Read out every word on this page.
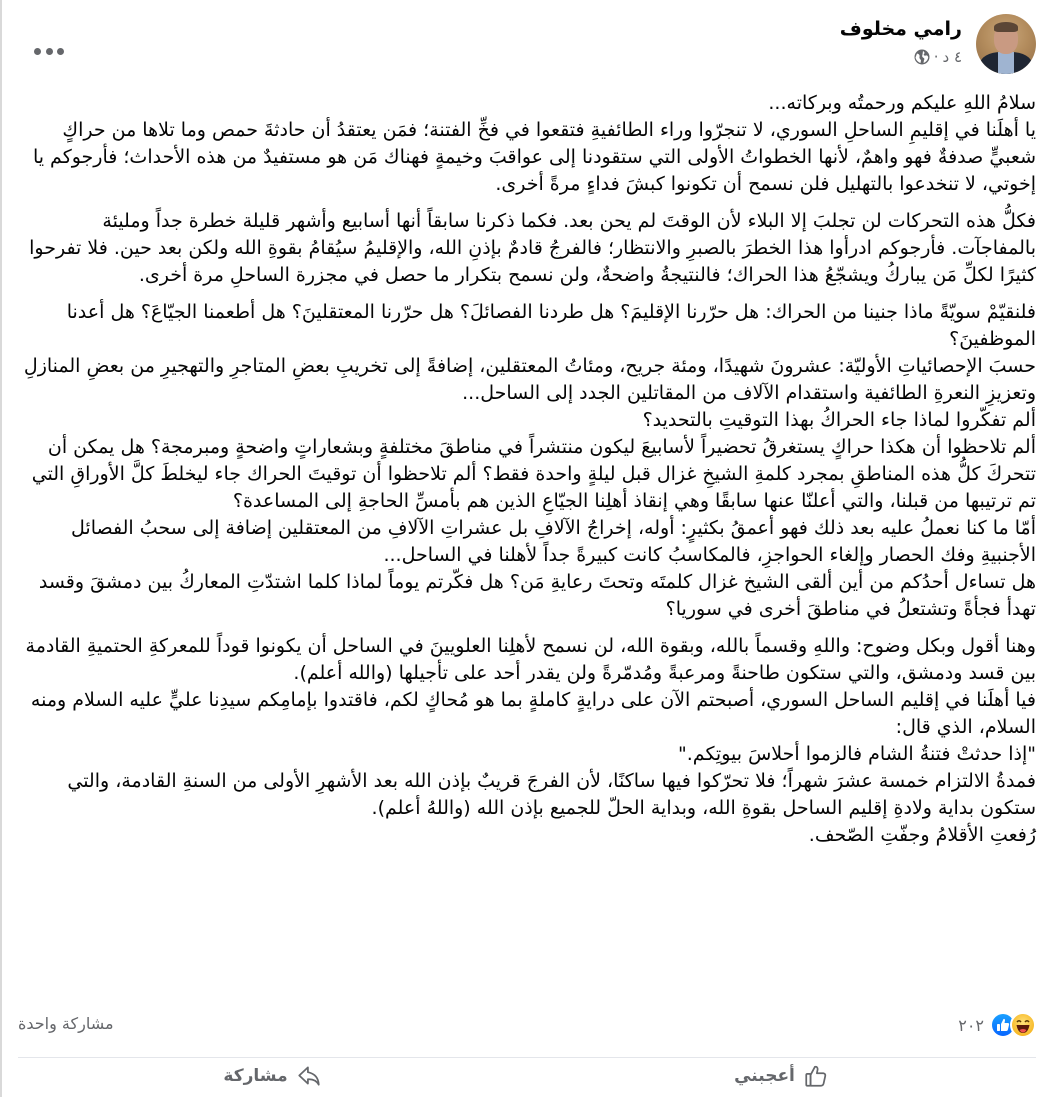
رامي مخلوف
٤ د
·

سلامُ اللهِ عليكم ورحمتُه وبركاته...

يا أهلَنا في إقليمِ الساحلِ السوري، لا تنجرّوا وراء الطائفيةِ فتقعوا في فخِّ الفتنة؛ فمَن يعتقدُ أن حادثةَ حمص وما تلاها من حراكٍ شعبيٍّ صدفةٌ فهو واهمٌ، لأنها الخطواتُ الأولى التي ستقودنا إلى عواقبَ وخيمةٍ فهناك مَن هو مستفيدٌ من هذه الأحداث؛ فأرجوكم يا إخوتي، لا تنخدعوا بالتهليل فلن نسمح أن تكونوا كبشَ فداءٍ مرةً أخرى.

فكلُّ هذه التحركات لن تجلبَ إلا البلاء لأن الوقتَ لم يحن بعد. فكما ذكرنا سابقاً أنها أسابيع وأشهر قليلة خطرة جداً ومليئة بالمفاجآت. فأرجوكم ادرأوا هذا الخطرَ بالصبرِ والانتظار؛ فالفرجُ قادمٌ بإذنِ الله، والإقليمُ سيُقامُ بقوةِ الله ولكن بعد حين. فلا تفرحوا كثيرًا لكلِّ مَن يباركُ ويشجّعُ هذا الحراك؛ فالنتيجةُ واضحةٌ، ولن نسمح بتكرار ما حصل في مجزرة الساحلِ مرة أخرى.

فلنقيّمْ سويّةً ماذا جنينا من الحراك: هل حرّرنا الإقليمَ؟ هل طردنا الفصائلَ؟ هل حرّرنا المعتقلينَ؟ هل أطعمنا الجيّاعَ؟ هل أعدنا الموظفينَ؟

حسبَ الإحصائياتِ الأوليّة: عشرونَ شهيدًا، ومئة جريح، ومئاتُ المعتقلين، إضافةً إلى تخريبِ بعضِ المتاجرِ والتهجيرِ من بعضِ المنازلِ وتعزيزِ النعرةِ الطائفية واستقدام الآلاف من المقاتلين الجدد إلى الساحل...

ألم تفكّروا لماذا جاء الحراكُ بهذا التوقيتِ بالتحديد؟

ألم تلاحظوا أن هكذا حراكٍ يستغرقُ تحضيراً لأسابيعَ ليكون منتشراً في مناطقَ مختلفةٍ وبشعاراتٍ واضحةٍ ومبرمجة؟ هل يمكن أن تتحركَ كلُّ هذه المناطقِ بمجرد كلمةِ الشيخِ غزال قبل ليلةٍ واحدة فقط؟ ألم تلاحظوا أن توقيتَ الحراك جاء ليخلطَ كلَّ الأوراقِ التي تم ترتيبها من قبلنا، والتي أعلنّا عنها سابقًا وهي إنقاذ أهلِنا الجيّاعِ الذين هم بأمسِّ الحاجةِ إلى المساعدة؟

أمّا ما كنا نعملُ عليه بعد ذلك فهو أعمقُ بكثيرٍ: أوله، إخراجُ الآلافِ بل عشراتِ الآلافِ من المعتقلين إضافة إلى سحبُ الفصائل الأجنبيةِ وفك الحصار وإلغاء الحواجزِ، فالمكاسبُ كانت كبيرةً جداً لأهلنا في الساحل...

هل تساءل أحدُكم من أين ألقى الشيخ غزال كلمتَه وتحتَ رعايةِ مَن؟ هل فكّرتم يوماً لماذا كلما اشتدّتِ المعاركُ بين دمشقَ وقسد تهدأ فجأةً وتشتعلُ في مناطقَ أخرى في سوريا؟

وهنا أقول وبكل وضوح: واللهِ وقسماً بالله، وبقوة الله، لن نسمح لأهلِنا العلويينَ في الساحل أن يكونوا قوداً للمعركةِ الحتميةِ القادمة بين قسد ودمشق، والتي ستكون طاحنةً ومرعبةً ومُدمّرةً ولن يقدر أحد على تأجيلها (والله أعلم).

فيا أهلَنا في إقليم الساحل السوري، أصبحتم الآن على درايةٍ كاملةٍ بما هو مُحاكٍ لكم، فاقتدوا بإمامِكم سيدِنا عليٍّ عليه السلام ومنه السلام، الذي قال:

"إذا حدثتْ فتنةُ الشام فالزموا أحلاسَ بيوتِكم."

فمدةُ الالتزام خمسة عشرَ شهراً؛ فلا تحرّكوا فيها ساكنًا، لأن الفرجَ قريبٌ بإذن الله بعد الأشهرِ الأولى من السنةِ القادمة، والتي ستكون بداية ولادةِ إقليم الساحل بقوةِ الله، وبداية الحلّ للجميع بإذن الله (واللهُ أعلم).

رُفعتِ الأقلامُ وجفّتِ الصّحف.

٢٠٢
مشاركة واحدة
أعجبني
مشاركة
